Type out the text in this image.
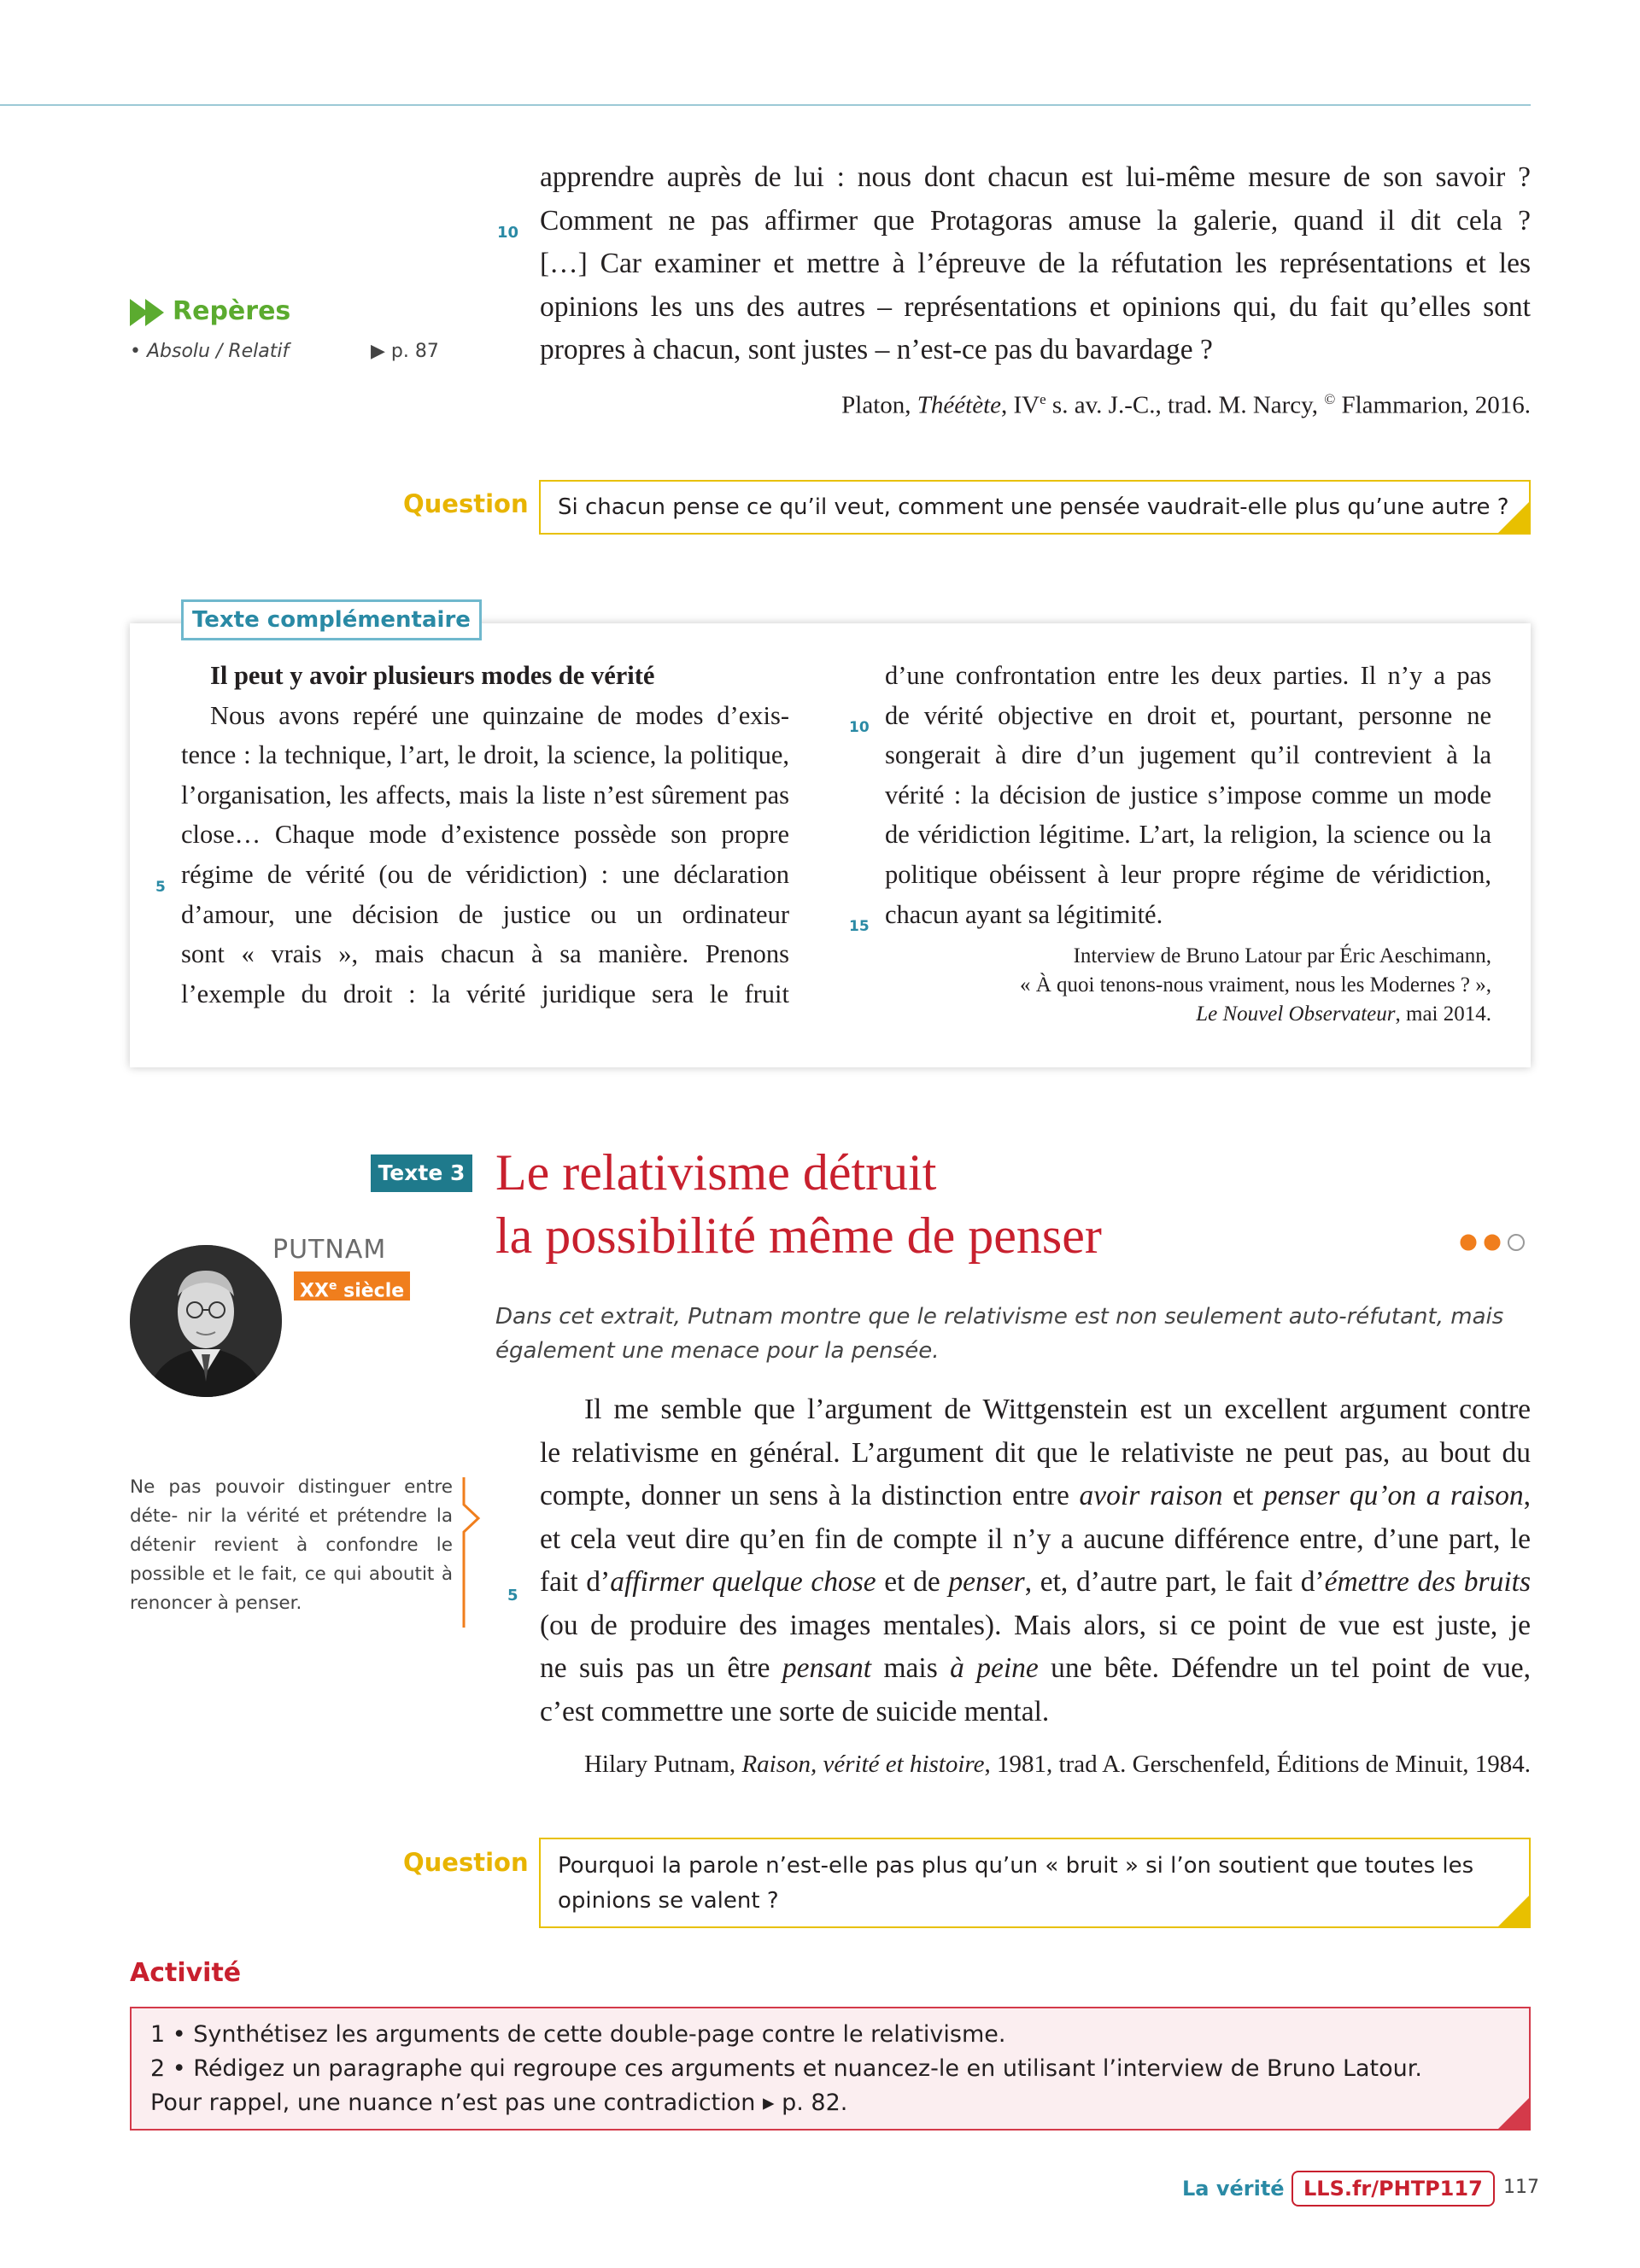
apprendre auprès de lui : nous dont chacun est lui-même mesure de son savoir ?
Comment ne pas affirmer que Protagoras amuse la galerie, quand il dit cela ?
[…] Car examiner et mettre à l’épreuve de la réfutation les représentations et les
opinions les uns des autres – représentations et opinions qui, du fait qu’elles sont
propres à chacun, sont justes – n’est-ce pas du bavardage ?
10
Repères
• Absolu / Relatif	▶ p. 87
Platon, Théétète, IVe s. av. J.-C., trad. M. Narcy, © Flammarion, 2016.
Question	Si chacun pense ce qu’il veut, comment une pensée vaudrait-elle plus qu’une autre ?
Texte complémentaire
Il peut y avoir plusieurs modes de vérité
Nous avons repéré une quinzaine de modes d’exis-
tence : la technique, l’art, le droit, la science, la politique,
l’organisation, les affects, mais la liste n’est sûrement pas
close… Chaque mode d’existence possède son propre
régime de vérité (ou de véridiction) : une déclaration
d’amour, une décision de justice ou un ordinateur
sont « vrais », mais chacun à sa manière. Prenons
l’exemple du droit : la vérité juridique sera le fruit
5
d’une confrontation entre les deux parties. Il n’y a pas
de vérité objective en droit et, pourtant, personne ne
songerait à dire d’un jugement qu’il contrevient à la
vérité : la décision de justice s’impose comme un mode
de véridiction légitime. L’art, la religion, la science ou la
politique obéissent à leur propre régime de véridiction,
chacun ayant sa légitimité.
10
15
Interview de Bruno Latour par Éric Aeschimann,
« À quoi tenons-nous vraiment, nous les Modernes ? »,
Le Nouvel Observateur, mai 2014.
Texte 3 Le relativisme détruit
la possibilité même de penser
PUTNAM
XXe siècle
Dans cet extrait, Putnam montre que le relativisme est non seulement auto-réfutant, mais également une menace pour la pensée.
Ne pas pouvoir distinguer entre déte- nir la vérité et prétendre la détenir revient à confondre le possible et le fait, ce qui aboutit à renoncer à penser.
Il me semble que l’argument de Wittgenstein est un excellent argument contre
le relativisme en général. L’argument dit que le relativiste ne peut pas, au bout du
compte, donner un sens à la distinction entre avoir raison et penser qu’on a raison,
et cela veut dire qu’en fin de compte il n’y a aucune différence entre, d’une part, le
fait d’affirmer quelque chose et de penser, et, d’autre part, le fait d’émettre des bruits
(ou de produire des images mentales). Mais alors, si ce point de vue est juste, je
ne suis pas un être pensant mais à peine une bête. Défendre un tel point de vue,
c’est commettre une sorte de suicide mental.
5
Hilary Putnam, Raison, vérité et histoire, 1981, trad A. Gerschenfeld, Éditions de Minuit, 1984.
Question Pourquoi la parole n’est-elle pas plus qu’un « bruit » si l’on soutient que toutes les
opinions se valent ?
Activité
1 • Synthétisez les arguments de cette double-page contre le relativisme.
2 • Rédigez un paragraphe qui regroupe ces arguments et nuancez-le en utilisant l’interview de Bruno Latour.
Pour rappel, une nuance n’est pas une contradiction ▸ p. 82.
La vérité LLS.fr/PHTP117	117
